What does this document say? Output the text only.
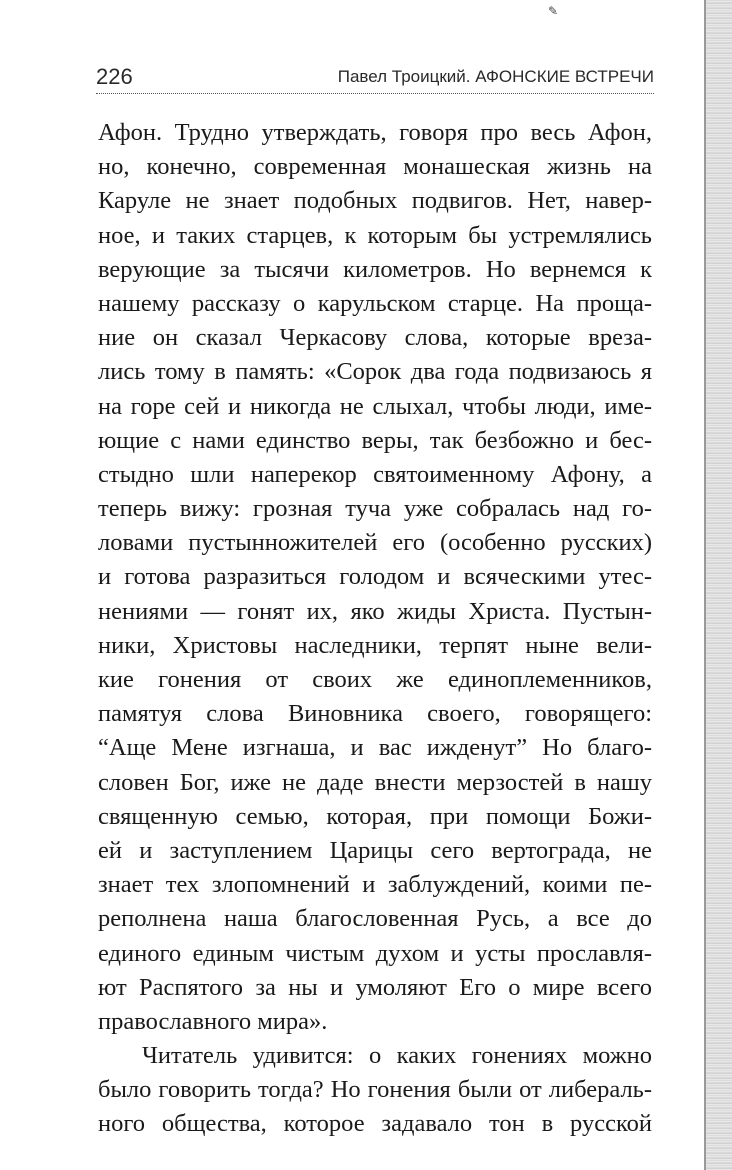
✎
226	Павел Троицкий. АФОНСКИЕ ВСТРЕЧИ
Афон. Трудно утверждать, говоря про весь Афон,
но, конечно, современная монашеская жизнь на
Каруле не знает подобных подвигов. Нет, навер-
ное, и таких старцев, к которым бы устремлялись
верующие за тысячи километров. Но вернемся к
нашему рассказу о карульском старце. На проща-
ние он сказал Черкасову слова, которые вреза-
лись тому в память: «Сорок два года подвизаюсь я
на горе сей и никогда не слыхал, чтобы люди, име-
ющие с нами единство веры, так безбожно и бес-
стыдно шли наперекор святоименному Афону, а
теперь вижу: грозная туча уже собралась над го-
ловами пустынножителей его (особенно русских)
и готова разразиться голодом и всяческими утес-
нениями — гонят их, яко жиды Христа. Пустын-
ники, Христовы наследники, терпят ныне вели-
кие гонения от своих же единоплеменников,
памятуя слова Виновника своего, говорящего:
“Аще Мене изгнаша, и вас ижденут” Но благо-
словен Бог, иже не даде внести мерзостей в нашу
священную семью, которая, при помощи Божи-
ей и заступлением Царицы сего вертограда, не
знает тех злопомнений и заблуждений, коими пе-
реполнена наша благословенная Русь, а все до
единого единым чистым духом и усты прославля-
ют Распятого за ны и умоляют Его о мире всего
православного мира».
Читатель удивится: о каких гонениях можно
было говорить тогда? Но гонения были от либераль-
ного общества, которое задавало тон в русской
